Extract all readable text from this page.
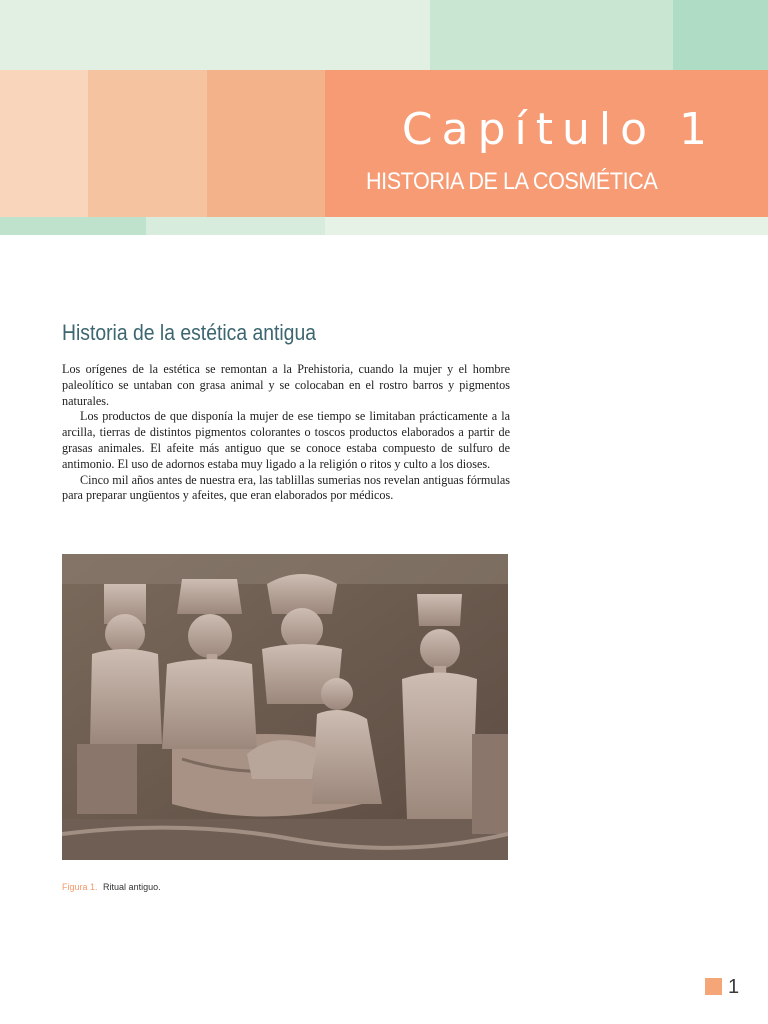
Capítulo 1
HISTORIA DE LA COSMÉTICA
Historia de la estética antigua

Los orígenes de la estética se remontan a la Prehistoria, cuando la mujer y el hombre paleolítico se untaban con grasa animal y se colocaban en el rostro barros y pigmentos naturales.

Los productos de que disponía la mujer de ese tiempo se limitaban prácticamente a la arcilla, tierras de distintos pigmentos colorantes o toscos productos elaborados a partir de grasas animales. El afeite más antiguo que se conoce estaba compuesto de sulfuro de antimonio. El uso de adornos estaba muy ligado a la religión o ritos y culto a los dioses.

Cinco mil años antes de nuestra era, las tablillas sumerias nos revelan antiguas fórmulas para preparar ungüentos y afeites, que eran elaborados por médicos.

Figura 1. Ritual antiguo.
1
